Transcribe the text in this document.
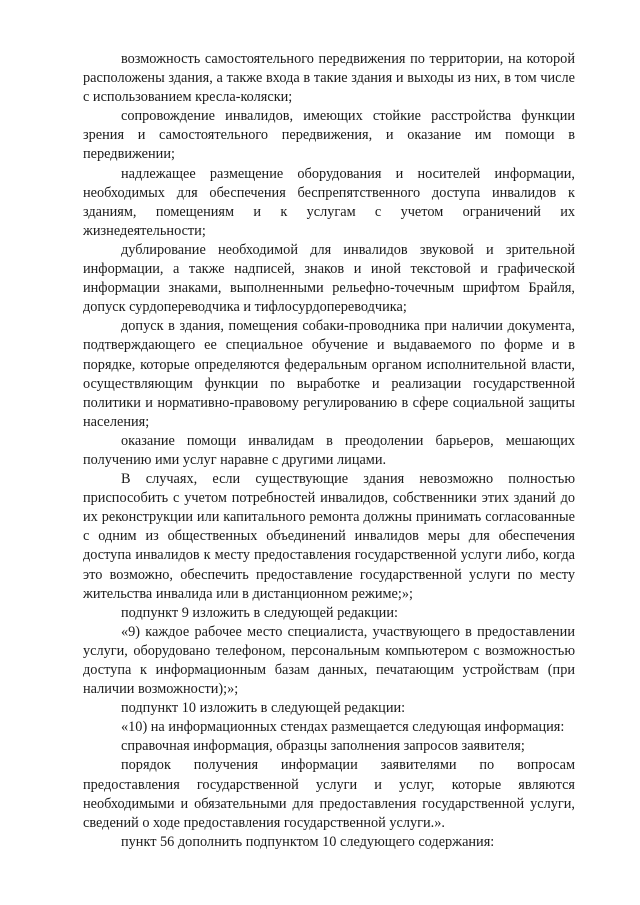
возможность самостоятельного передвижения по территории, на которой расположены здания, а также входа в такие здания и выходы из них, в том числе с использованием кресла-коляски;

сопровождение инвалидов, имеющих стойкие расстройства функции зрения и самостоятельного передвижения, и оказание им помощи в передвижении;

надлежащее размещение оборудования и носителей информации, необходимых для обеспечения беспрепятственного доступа инвалидов к зданиям, помещениям и к услугам с учетом ограничений их жизнедеятельности;

дублирование необходимой для инвалидов звуковой и зрительной информации, а также надписей, знаков и иной текстовой и графической информации знаками, выполненными рельефно-точечным шрифтом Брайля, допуск сурдопереводчика и тифлосурдопереводчика;

допуск в здания, помещения собаки-проводника при наличии документа, подтверждающего ее специальное обучение и выдаваемого по форме и в порядке, которые определяются федеральным органом исполнительной власти, осуществляющим функции по выработке и реализации государственной политики и нормативно-правовому регулированию в сфере социальной защиты населения;

оказание помощи инвалидам в преодолении барьеров, мешающих получению ими услуг наравне с другими лицами.

В случаях, если существующие здания невозможно полностью приспособить с учетом потребностей инвалидов, собственники этих зданий до их реконструкции или капитального ремонта должны принимать согласованные с одним из общественных объединений инвалидов меры для обеспечения доступа инвалидов к месту предоставления государственной услуги либо, когда это возможно, обеспечить предоставление государственной услуги по месту жительства инвалида или в дистанционном режиме;»;

подпункт 9 изложить в следующей редакции:

«9) каждое рабочее место специалиста, участвующего в предоставлении услуги, оборудовано телефоном, персональным компьютером с возможностью доступа к информационным базам данных, печатающим устройствам (при наличии возможности);»;

подпункт 10 изложить в следующей редакции:

«10) на информационных стендах размещается следующая информация:

справочная информация, образцы заполнения запросов заявителя;

порядок получения информации заявителями по вопросам предоставления государственной услуги и услуг, которые являются необходимыми и обязательными для предоставления государственной услуги, сведений о ходе предоставления государственной услуги.».

пункт 56 дополнить подпунктом 10 следующего содержания:
